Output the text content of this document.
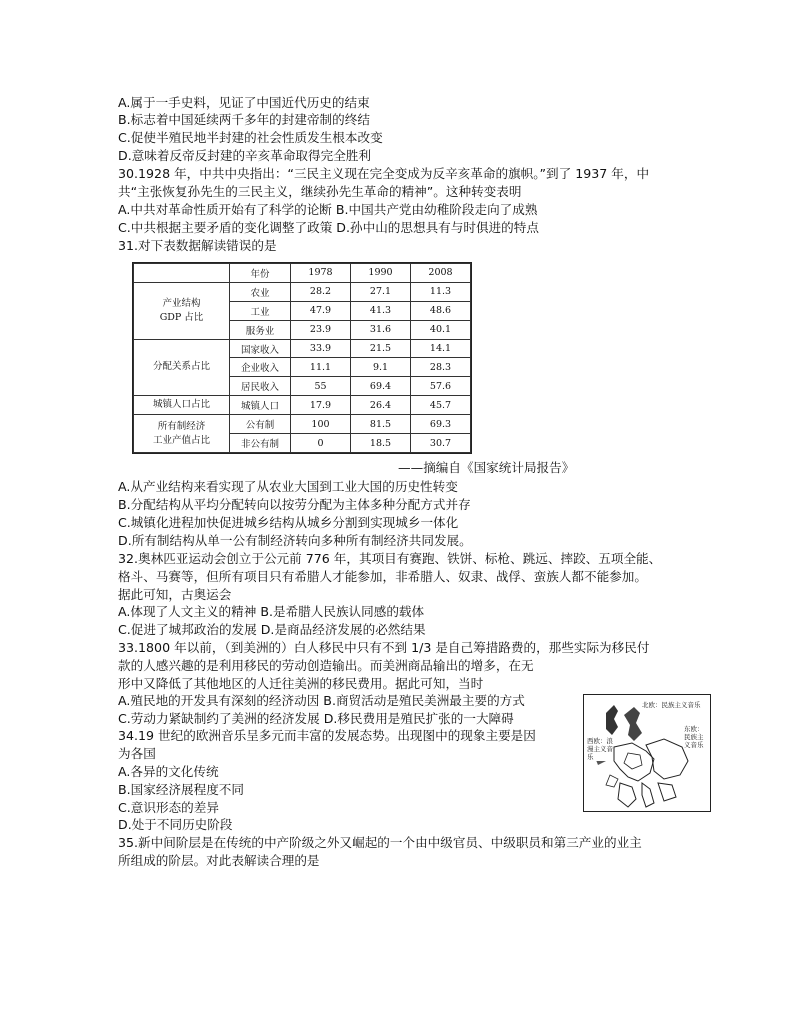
A.属于一手史料，见证了中国近代历史的结束
B.标志着中国延续两千多年的封建帝制的终结
C.促使半殖民地半封建的社会性质发生根本改变
D.意味着反帝反封建的辛亥革命取得完全胜利
30.1928 年，中共中央指出：“三民主义现在完全变成为反辛亥革命的旗帜。”到了 1937 年，中
共“主张恢复孙先生的三民主义，继续孙先生革命的精神”。这种转变表明
A.中共对革命性质开始有了科学的论断 B.中国共产党由幼稚阶段走向了成熟
C.中共根据主要矛盾的变化调整了政策 D.孙中山的思想具有与时俱进的特点
31.对下表数据解读错误的是
	年份	1978	1990	2008
产业结构
GDP 占比	农业	28.2	27.1	11.3
	工业	47.9	41.3	48.6
	服务业	23.9	31.6	40.1
分配关系占比	国家收入	33.9	21.5	14.1
	企业收入	11.1	9.1	28.3
	居民收入	55	69.4	57.6
城镇人口占比	城镇人口	17.9	26.4	45.7
所有制经济
工业产值占比	公有制	100	81.5	69.3
	非公有制	0	18.5	30.7
——摘编自《国家统计局报告》
A.从产业结构来看实现了从农业大国到工业大国的历史性转变
B.分配结构从平均分配转向以按劳分配为主体多种分配方式并存
C.城镇化进程加快促进城乡结构从城乡分割到实现城乡一体化
D.所有制结构从单一公有制经济转向多种所有制经济共同发展。
32.奥林匹亚运动会创立于公元前 776 年，其项目有赛跑、铁饼、标枪、跳远、摔跤、五项全能、
格斗、马赛等，但所有项目只有希腊人才能参加，非希腊人、奴隶、战俘、蛮族人都不能参加。
据此可知，古奥运会
A.体现了人文主义的精神 B.是希腊人民族认同感的载体
C.促进了城邦政治的发展 D.是商品经济发展的必然结果
33.1800 年以前，（到美洲的）白人移民中只有不到 1/3 是自己筹措路费的，那些实际为移民付
款的人感兴趣的是利用移民的劳动创造输出。而美洲商品输出的增多，在无
形中又降低了其他地区的人迁往美洲的移民费用。据此可知，当时
A.殖民地的开发具有深刻的经济动因 B.商贸活动是殖民美洲最主要的方式
C.劳动力紧缺制约了美洲的经济发展 D.移民费用是殖民扩张的一大障碍
34.19 世纪的欧洲音乐呈多元而丰富的发展态势。出现图中的现象主要是因
为各国
A.各异的文化传统
B.国家经济展程度不同
C.意识形态的差异
D.处于不同历史阶段
35.新中间阶层是在传统的中产阶级之外又崛起的一个由中级官员、中级职员和第三产业的业主
所组成的阶层。对此表解读合理的是
北欧：民族主义音乐
西欧：浪漫主义音乐
东欧：民族主义音乐
